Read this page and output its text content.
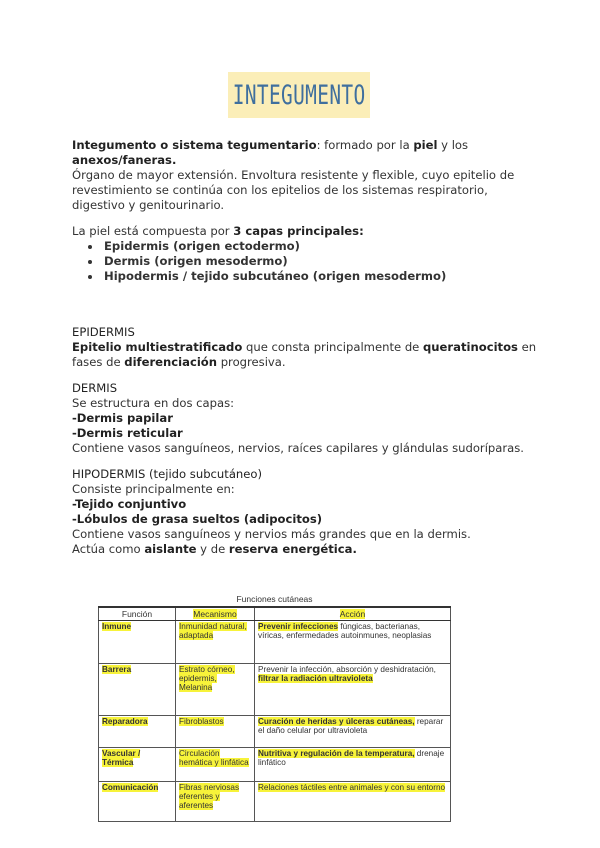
INTEGUMENTO

Integumento o sistema tegumentario: formado por la piel y los

anexos/faneras.

Órgano de mayor extensión. Envoltura resistente y flexible, cuyo epitelio de revestimiento se continúa con los epitelios de los sistemas respiratorio, digestivo y genitourinario.

La piel está compuesta por 3 capas principales:

• Epidermis (origen ectodermo)
• Dermis (origen mesodermo)
• Hipodermis / tejido subcutáneo (origen mesodermo)

EPIDERMIS

Epitelio multiestratificado que consta principalmente de queratinocitos en fases de diferenciación progresiva.

DERMIS

Se estructura en dos capas:

-Dermis papilar

-Dermis reticular

Contiene vasos sanguíneos, nervios, raíces capilares y glándulas sudoríparas.

HIPODERMIS (tejido subcutáneo)

Consiste principalmente en:

-Tejido conjuntivo

-Lóbulos de grasa sueltos (adipocitos)

Contiene vasos sanguíneos y nervios más grandes que en la dermis.

Actúa como aislante y de reserva energética.

Funciones cutáneas		
Función	Mecanismo	Acción
Inmune	Inmunidad natural, adaptada	Prevenir infecciones fúngicas, bacterianas, víricas, enfermedades autoinmunes, neoplasias
Barrera	Estrato córneo, epidermis, Melanina	Prevenir la infección, absorción y deshidratación, filtrar la radiación ultravioleta
Reparadora	Fibroblastos	Curación de heridas y úlceras cutáneas, reparar el daño celular por ultravioleta
Vascular / Térmica	Circulación hemática y linfática	Nutritiva y regulación de la temperatura, drenaje linfático
Comunicación	Fibras nerviosas eferentes y aferentes	Relaciones táctiles entre animales y con su entorno
